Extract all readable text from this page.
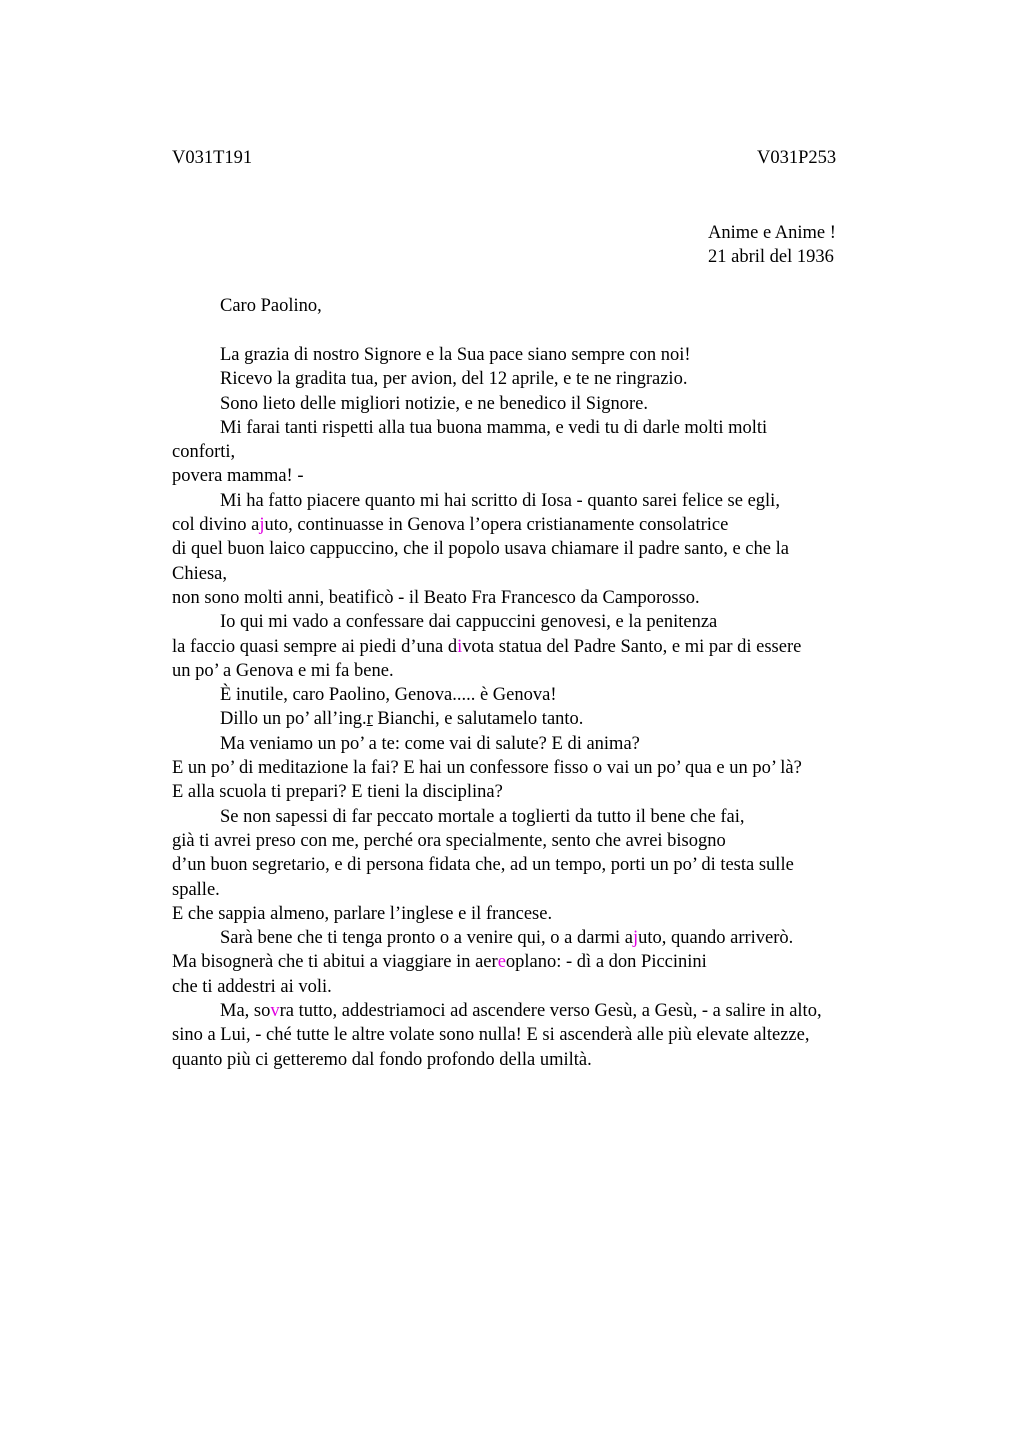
V031T191	V031P253
Anime e Anime !
21 abril del 1936
Caro Paolino,
La grazia di nostro Signore e la Sua pace siano sempre con noi!
Ricevo la gradita tua, per avion, del 12 aprile, e te ne ringrazio.
Sono lieto delle migliori notizie, e ne benedico il Signore.
Mi farai tanti rispetti alla tua buona mamma, e vedi tu di darle molti molti
conforti,
povera mamma! -
Mi ha fatto piacere quanto mi hai scritto di Iosa - quanto sarei felice se egli,
col divino ajuto, continuasse in Genova l’opera cristianamente consolatrice
di quel buon laico cappuccino, che il popolo usava chiamare il padre santo, e che la
Chiesa,
non sono molti anni, beatificò - il Beato Fra Francesco da Camporosso.
Io qui mi vado a confessare dai cappuccini genovesi, e la penitenza
la faccio quasi sempre ai piedi d’una divota statua del Padre Santo, e mi par di essere
un po’ a Genova e mi fa bene.
È inutile, caro Paolino, Genova..... è Genova!
Dillo un po’ all’ing.r Bianchi, e salutamelo tanto.
Ma veniamo un po’ a te: come vai di salute? E di anima?
E un po’ di meditazione la fai? E hai un confessore fisso o vai un po’ qua e un po’ là?
E alla scuola ti prepari? E tieni la disciplina?
Se non sapessi di far peccato mortale a toglierti da tutto il bene che fai,
già ti avrei preso con me, perché ora specialmente, sento che avrei bisogno
d’un buon segretario, e di persona fidata che, ad un tempo, porti un po’ di testa sulle
spalle.
E che sappia almeno, parlare l’inglese e il francese.
Sarà bene che ti tenga pronto o a venire qui, o a darmi ajuto, quando arriverò.
Ma bisognerà che ti abitui a viaggiare in aereoplano: - dì a don Piccinini
che ti addestri ai voli.
Ma, sovra tutto, addestriamoci ad ascendere verso Gesù, a Gesù, - a salire in alto,
sino a Lui, - ché tutte le altre volate sono nulla! E si ascenderà alle più elevate altezze,
quanto più ci getteremo dal fondo profondo della umiltà.
